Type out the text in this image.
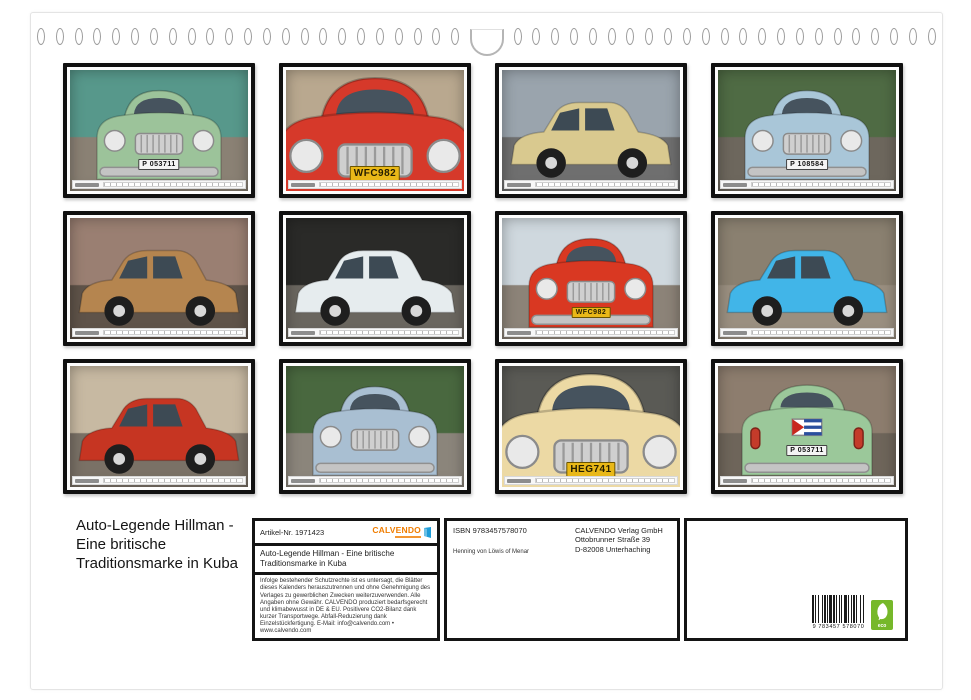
P 053711
WFC982
P 108584
WFC982
HEG741
P 053711
Auto-Legende Hillman - Eine britische Traditionsmarke in Kuba
Artikel-Nr. 1971423	CALVENDO
Auto-Legende Hillman - Eine britische Traditionsmarke in Kuba
Infolge bestehender Schutzrechte ist es untersagt, die Blätter dieses Kalenders herauszutrennen und ohne Genehmigung des Verlages zu gewerblichen Zwecken weiterzuverwenden. Alle Angaben ohne Gewähr. CALVENDO produziert bedarfsgerecht und klimabewusst in DE & EU. Positivere CO2-Bilanz dank kurzer Transportwege. Abfall-Reduzierung dank Einzelstückfertigung. E-Mail: info@calvendo.com • www.calvendo.com
ISBN 9783457578070
Henning von Löwis of Menar
CALVENDO Verlag GmbH
Ottobrunner Straße 39
D-82008 Unterhaching
9 783457 578070	eco
